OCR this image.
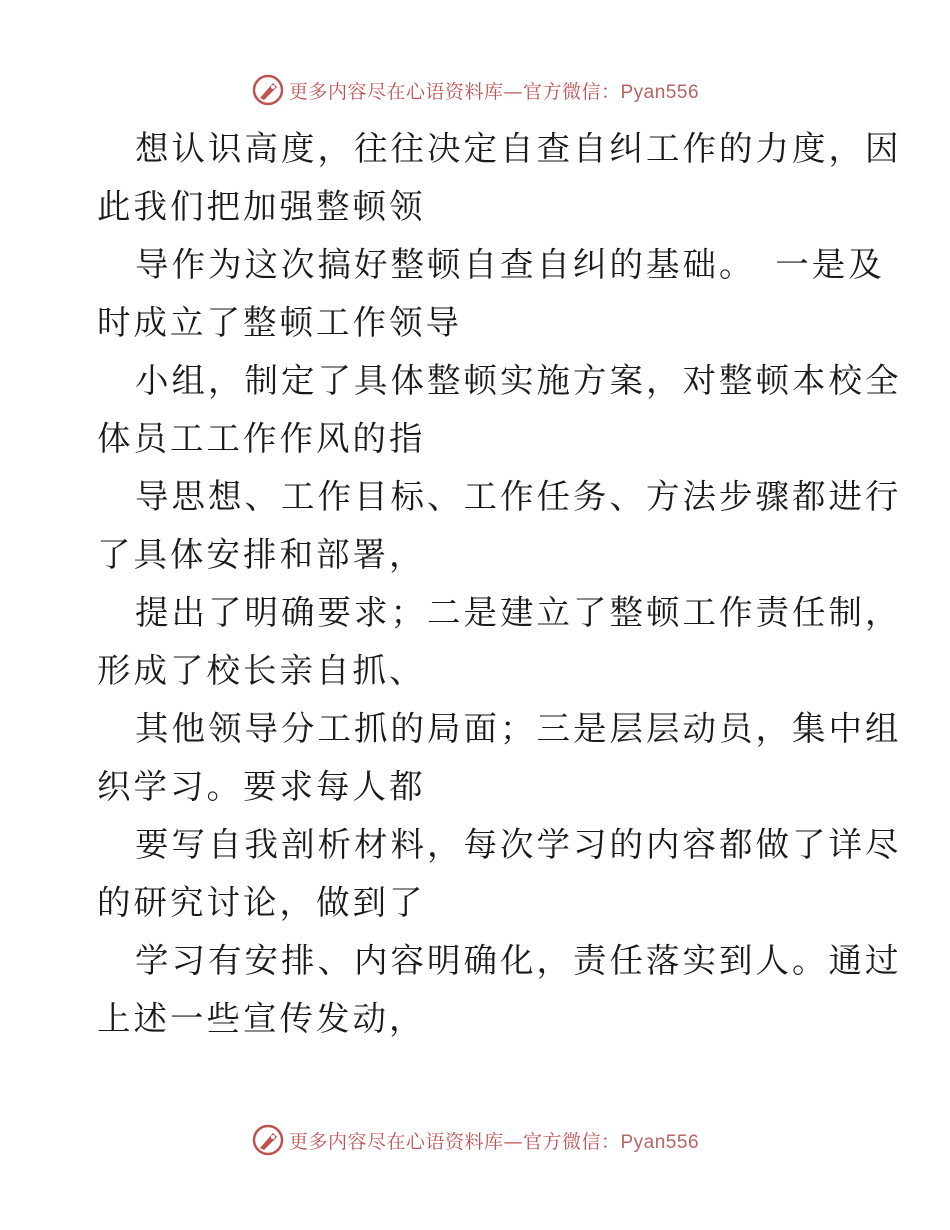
更多内容尽在心语资料库—官方微信：Pyan556
想认识高度，往往决定自查自纠工作的力度，因
此我们把加强整顿领
导作为这次搞好整顿自查自纠的基础。　一是及
时成立了整顿工作领导
小组，制定了具体整顿实施方案，对整顿本校全
体员工工作作风的指
导思想、工作目标、工作任务、方法步骤都进行
了具体安排和部署，
提出了明确要求；二是建立了整顿工作责任制，
形成了校长亲自抓、
其他领导分工抓的局面；三是层层动员，集中组
织学习。要求每人都
要写自我剖析材料，每次学习的内容都做了详尽
的研究讨论，做到了
学习有安排、内容明确化，责任落实到人。通过
上述一些宣传发动，
更多内容尽在心语资料库—官方微信：Pyan556
